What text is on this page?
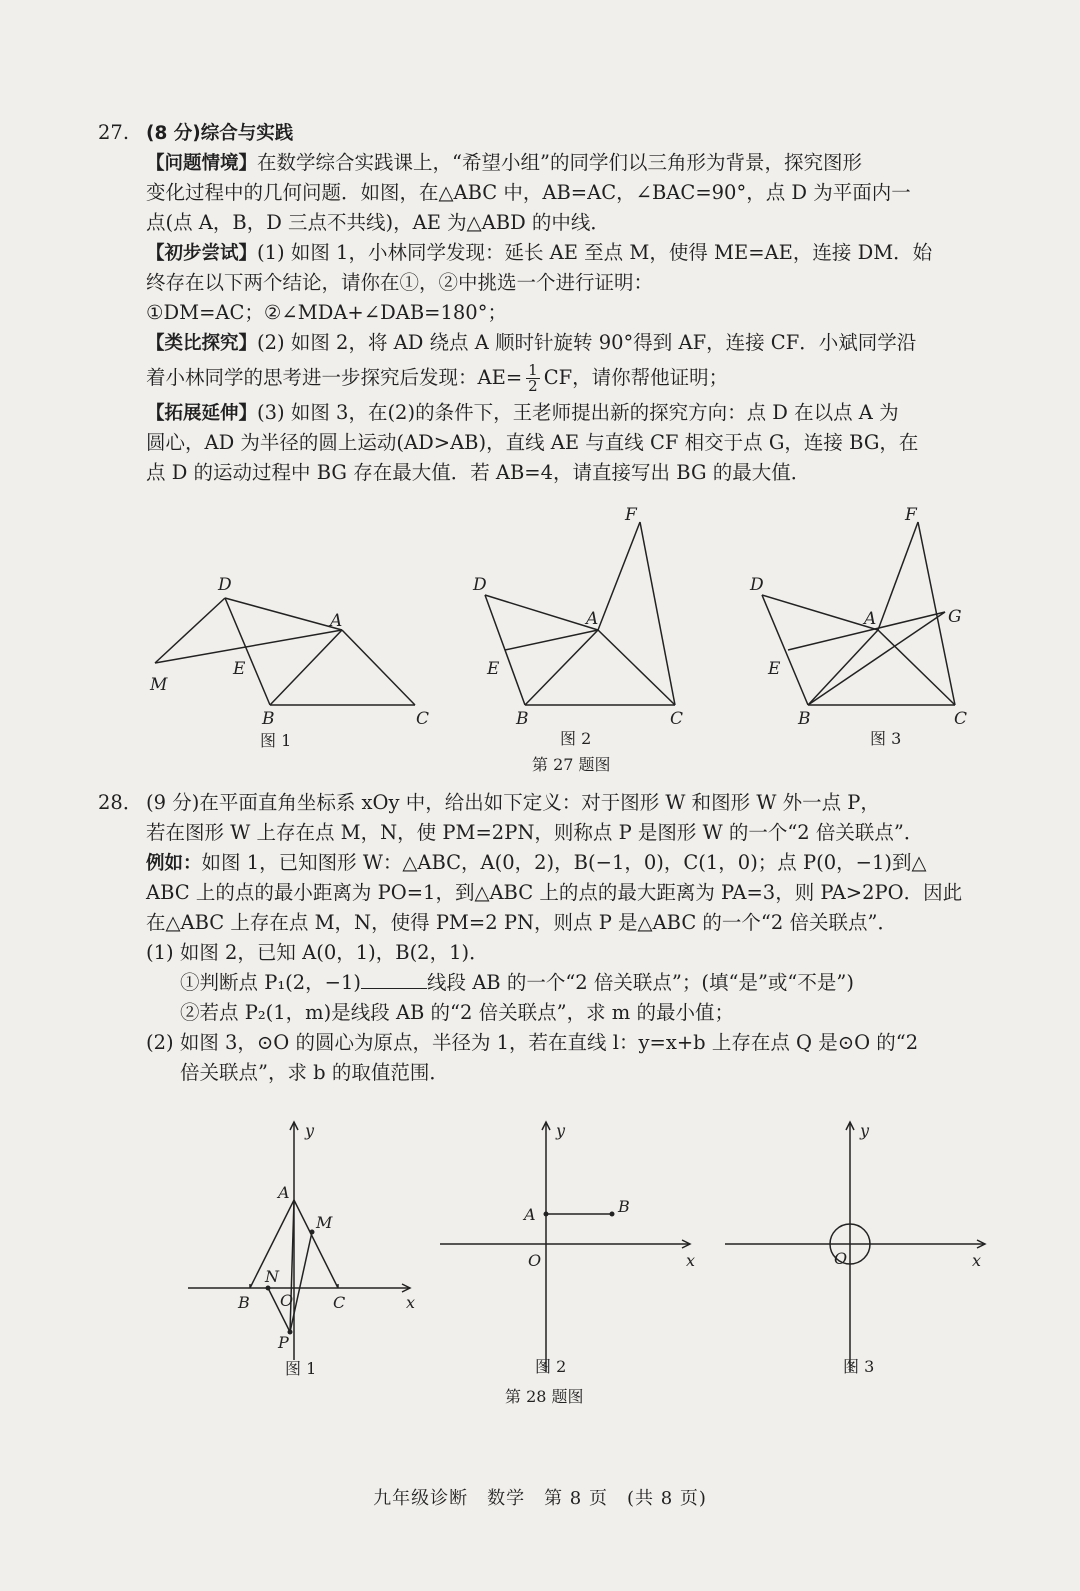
27. (8 分)综合与实践
【问题情境】在数学综合实践课上，“希望小组”的同学们以三角形为背景，探究图形
变化过程中的几何问题．如图，在△ABC 中，AB=AC，∠BAC=90°，点 D 为平面内一
点(点 A，B，D 三点不共线)，AE 为△ABD 的中线．
【初步尝试】(1) 如图 1，小林同学发现：延长 AE 至点 M，使得 ME=AE，连接 DM．始
终存在以下两个结论，请你在①，②中挑选一个进行证明：
①DM=AC；②∠MDA+∠DAB=180°；
【类比探究】(2) 如图 2，将 AD 绕点 A 顺时针旋转 90°得到 AF，连接 CF．小斌同学沿
着小林同学的思考进一步探究后发现：$AE= \frac{1}{2}$ CF，请你帮他证明；
【拓展延伸】(3) 如图 3，在(2)的条件下，王老师提出新的探究方向：点 D 在以点 A 为
圆心，AD 为半径的圆上运动(AD>AB)，直线 AE 与直线 CF 相交于点 G，连接 BG，在
点 D 的运动过程中 BG 存在最大值．若 AB=4，请直接写出 BG 的最大值．
D
A
M
E
B	C
F
D
A
E
B	C
F
D
A	G
E
B	C
图 1	图 2	图 3
第 27 题图
28． (9 分)在平面直角坐标系 xOy 中，给出如下定义：对于图形 W 和图形 W 外一点 P，
若在图形 W 上存在点 M，N，使 PM=2PN，则称点 P 是图形 W 的一个“2 倍关联点”．
例如：如图 1，已知图形 W：△ABC，A(0，2)，B(−1，0)，C(1，0)；点 P(0，−1)到△
ABC 上的点的最小距离为 PO=1，到△ABC 上的点的最大距离为 PA=3，则 PA>2PO．因此
在△ABC 上存在点 M，N，使得 PM=2 PN，则点 P 是△ABC 的一个“2 倍关联点”．
(1) 如图 2，已知 A(0，1)，B(2，1)．
①判断点 P₁(2，−1)	线段 AB 的一个“2 倍关联点”；(填“是”或“不是”)
②若点 P₂(1，m)是线段 AB 的“2 倍关联点”，求 m 的最小值；
(2) 如图 3，⊙O 的圆心为原点，半径为 1，若在直线 l：y=x+b 上存在点 Q 是⊙O 的“2
倍关联点”，求 b 的取值范围．
y
x
A
M
N
B O C
P
y
x
A	B
O
y
x
O
图 1	图 2	图 3
第 28 题图
九年级诊断　数学　第 8 页　(共 8 页)
